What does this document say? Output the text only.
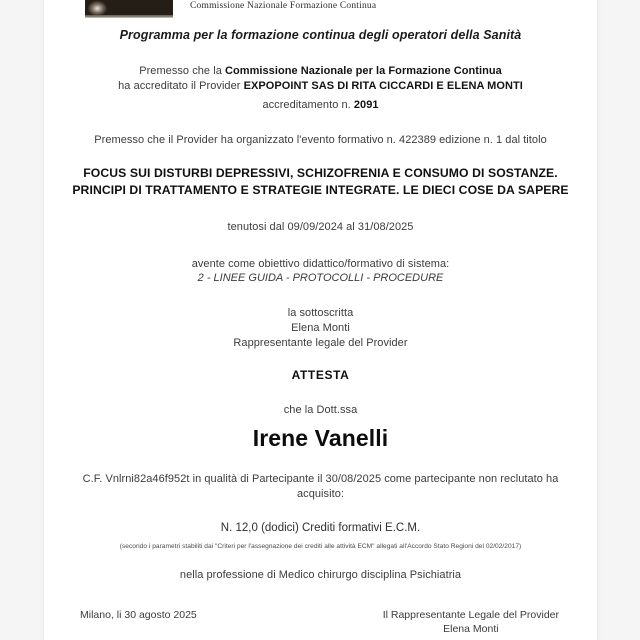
Commissione Nazionale Formazione Continua
Programma per la formazione continua degli operatori della Sanità
Premesso che la Commissione Nazionale per la Formazione Continua
ha accreditato il Provider EXPOPOINT SAS DI RITA CICCARDI E ELENA MONTI
accreditamento n. 2091
Premesso che il Provider ha organizzato l'evento formativo n. 422389 edizione n. 1 dal titolo
FOCUS SUI DISTURBI DEPRESSIVI, SCHIZOFRENIA E CONSUMO DI SOSTANZE. PRINCIPI DI TRATTAMENTO E STRATEGIE INTEGRATE. LE DIECI COSE DA SAPERE
tenutosi dal 09/09/2024 al 31/08/2025
avente come obiettivo didattico/formativo di sistema:
2 - LINEE GUIDA - PROTOCOLLI - PROCEDURE
la sottoscritta
Elena Monti
Rappresentante legale del Provider
ATTESTA
che la Dott.ssa
Irene Vanelli
C.F. Vnlrni82a46f952t in qualità di Partecipante il 30/08/2025 come partecipante non reclutato ha
acquisito:
N. 12,0 (dodici) Crediti formativi E.C.M.
(secondo i parametri stabiliti dai "Criteri per l'assegnazione dei crediti alle attività ECM" allegati all'Accordo Stato Regioni del 02/02/2017)
nella professione di Medico chirurgo disciplina Psichiatria
Milano, li 30 agosto 2025	Il Rappresentante Legale del Provider
Elena Monti
